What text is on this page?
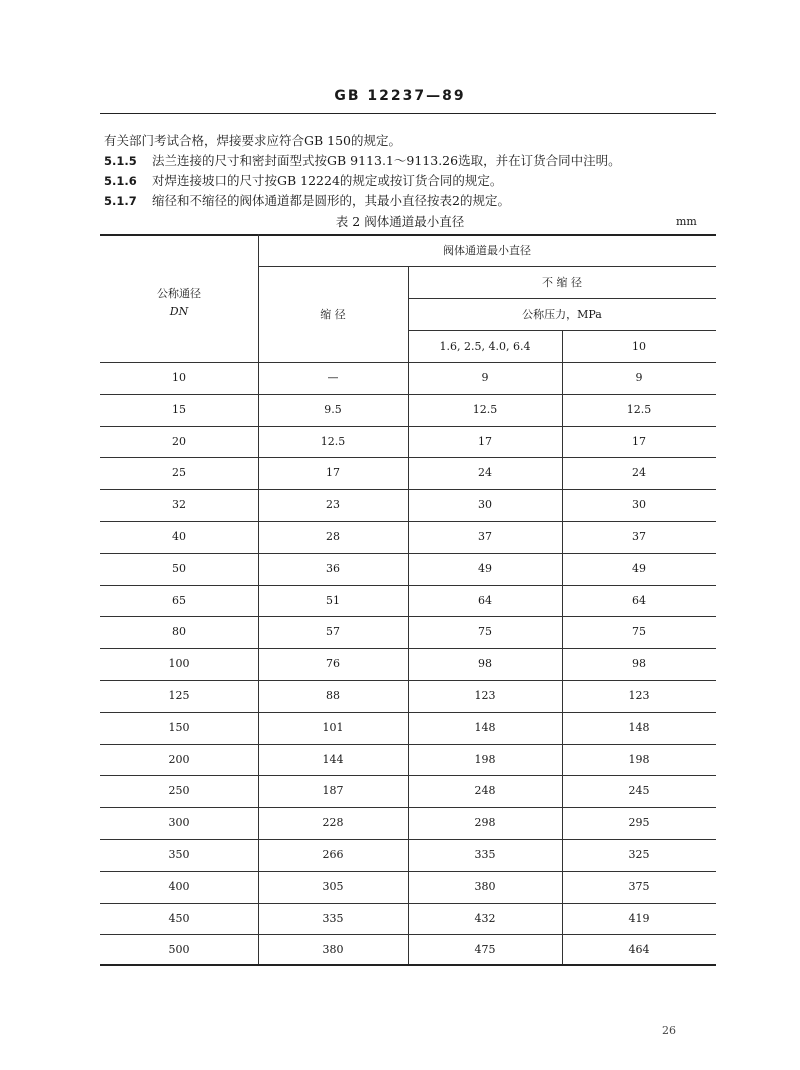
GB 12237—89
有关部门考试合格，焊接要求应符合GB 150的规定。
5.1.5 法兰连接的尺寸和密封面型式按GB 9113.1～9113.26选取，并在订货合同中注明。
5.1.6 对焊连接坡口的尺寸按GB 12224的规定或按订货合同的规定。
5.1.7 缩径和不缩径的阀体通道都是圆形的，其最小直径按表2的规定。
表 2 阀体通道最小直径	mm
公称通径
DN
阀体通道最小直径
缩 径
不 缩 径
公称压力，MPa
1.6, 2.5, 4.0, 6.4	10
10	—	9	9
15	9.5	12.5	12.5
20	12.5	17	17
25	17	24	24
32	23	30	30
40	28	37	37
50	36	49	49
65	51	64	64
80	57	75	75
100	76	98	98
125	88	123	123
150	101	148	148
200	144	198	198
250	187	248	245
300	228	298	295
350	266	335	325
400	305	380	375
450	335	432	419
500	380	475	464
26
